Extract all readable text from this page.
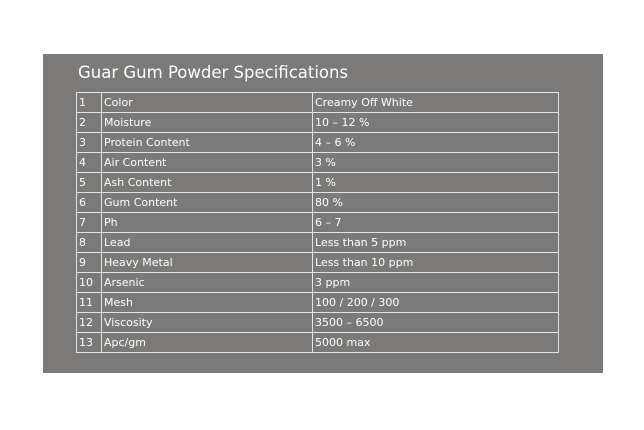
Guar Gum Powder Specifications
1	Color	Creamy Off White
2	Moisture	10 – 12 %
3	Protein Content	4 – 6 %
4	Air Content	3 %
5	Ash Content	1 %
6	Gum Content	80 %
7	Ph	6 – 7
8	Lead	Less than 5 ppm
9	Heavy Metal	Less than 10 ppm
10	Arsenic	3 ppm
11	Mesh	100 / 200 / 300
12	Viscosity	3500 – 6500
13	Apc/gm	5000 max
